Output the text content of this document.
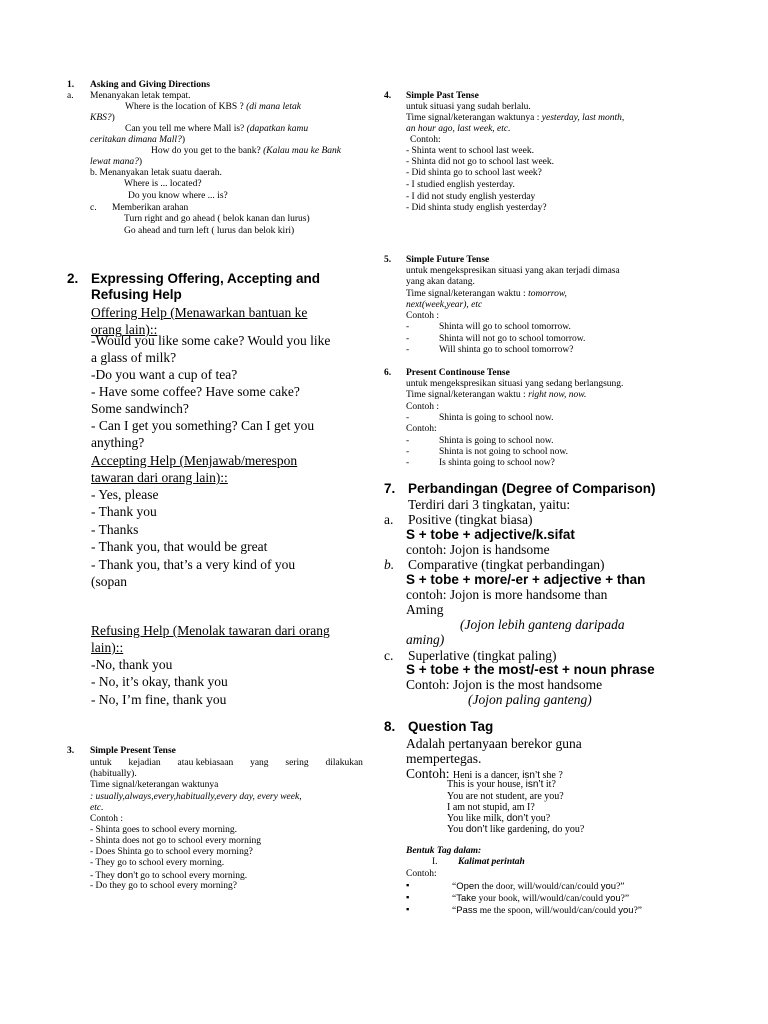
1. Asking and Giving Directions
a. Menanyakan letak tempat.
Where is the location of KBS ? (di mana letak
KBS?)
Can you tell me where Mall is? (dapatkan kamu
ceritakan dimana Mall?)
How do you get to the bank? (Kalau mau ke Bank
lewat mana?)
b. Menanyakan letak suatu daerah.
Where is ... located?
Do you know where ... is?
c. Memberikan arahan
Turn right and go ahead ( belok kanan dan lurus)
Go ahead and turn left ( lurus dan belok kiri)
2. Expressing Offering, Accepting and
Refusing Help
Offering Help (Menawarkan bantuan ke
orang lain)::
-Would you like some cake? Would you like
a glass of milk?
-Do you want a cup of tea?
- Have some coffee? Have some cake?
Some sandwinch?
- Can I get you something? Can I get you
anything?
Accepting Help (Menjawab/merespon
tawaran dari orang lain)::
- Yes, please
- Thank you
- Thanks
- Thank you, that would be great
- Thank you, that’s a very kind of you
(sopan
Refusing Help (Menolak tawaran dari orang
lain)::
-No, thank you
- No, it’s okay, thank you
- No, I’m fine, thank you
3. Simple Present Tense
untuk kejadian atau kebiasaan yang sering dilakukan
(habitually).
Time signal/keterangan waktunya
: usually,always,every,habitually,every day, every week,
etc.
Contoh :
- Shinta goes to school every morning.
- Shinta does not go to school every morning
- Does Shinta go to school every morning?
- They go to school every morning.
- They don’t go to school every morning.
- Do they go to school every morning?
4. Simple Past Tense
untuk situasi yang sudah berlalu.
Time signal/keterangan waktunya : yesterday, last month,
an hour ago, last week, etc.
Contoh:
- Shinta went to school last week.
- Shinta did not go to school last week.
- Did shinta go to school last week?
- I studied english yesterday.
- I did not study english yesterday
- Did shinta study english yesterday?
5. Simple Future Tense
untuk mengekspresikan situasi yang akan terjadi dimasa
yang akan datang.
Time signal/keterangan waktu : tomorrow,
next(week,year), etc
Contoh :
-	Shinta will go to school tomorrow.
-	Shinta will not go to school tomorrow.
-	Will shinta go to school tomorrow?
6. Present Continouse Tense
untuk mengekspresikan situasi yang sedang berlangsung.
Time signal/keterangan waktu : right now, now.
Contoh :
-	Shinta is going to school now.
Contoh:
-	Shinta is going to school now.
-	Shinta is not going to school now.
-	Is shinta going to school now?
7. Perbandingan (Degree of Comparison)
Terdiri dari 3 tingkatan, yaitu:
a. Positive (tingkat biasa)
S + tobe + adjective/k.sifat
contoh: Jojon is handsome
b. Comparative (tingkat perbandingan)
S + tobe + more/-er + adjective + than
contoh: Jojon is more handsome than
Aming
(Jojon lebih ganteng daripada
aming)
c. Superlative (tingkat paling)
S + tobe + the most/-est + noun phrase
Contoh: Jojon is the most handsome
(Jojon paling ganteng)
8. Question Tag
Adalah pertanyaan berekor guna
mempertegas.
Contoh: Heni is a dancer, isn’t she ?
This is your house, isn’t it?
You are not student, are you?
I am not stupid, am I?
You like milk, don’t you?
You don’t like gardening, do you?
Bentuk Tag dalam:
I. Kalimat perintah
Contoh:
▪	“Open the door, will/would/can/could you?”
▪	“Take your book, will/would/can/could you?”
▪	“Pass me the spoon, will/would/can/could you?”
